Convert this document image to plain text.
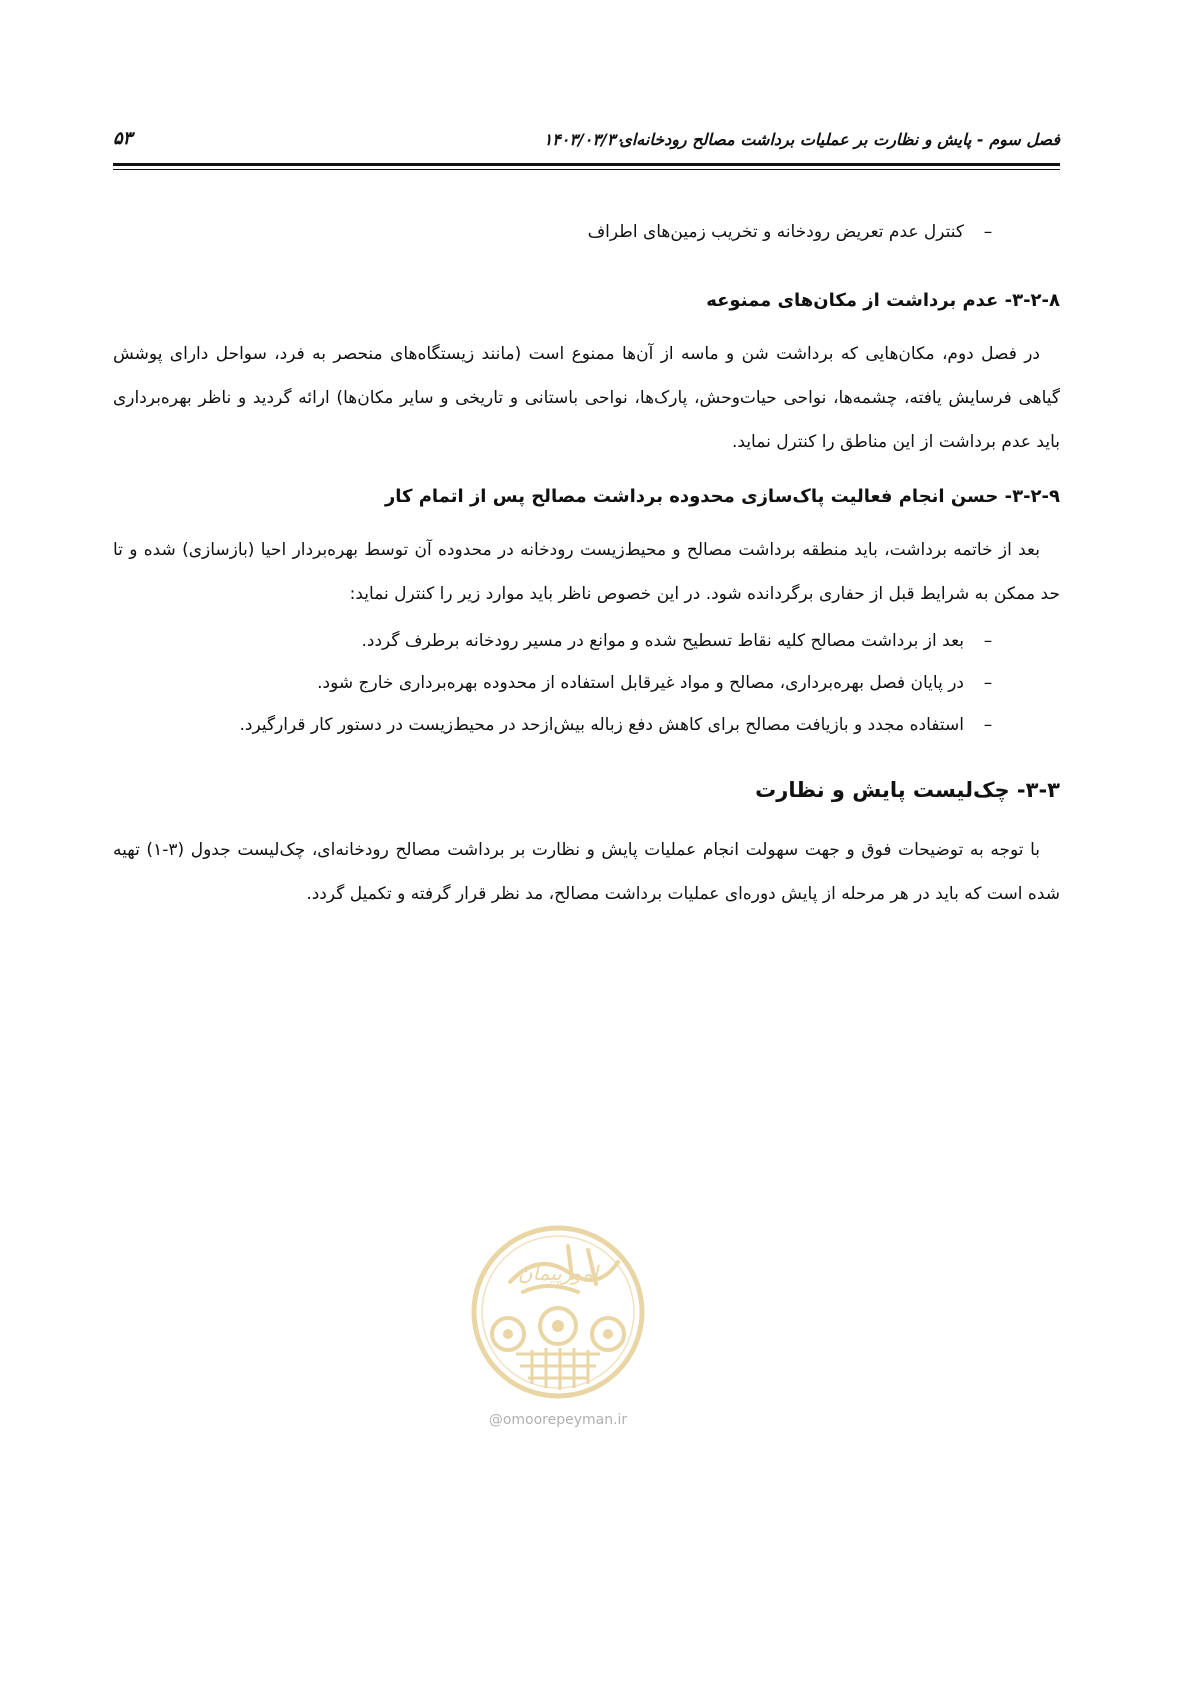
فصل سوم - پایش و نظارت بر عملیات برداشت مصالح رودخانه‌ای
۱۴۰۳/۰۳/۳۰
۵۳
–
کنترل عدم تعریض رودخانه و تخریب زمین‌های اطراف
۳-۲-۸- عدم برداشت از مکان‌های ممنوعه

در فصل دوم، مکان‌هایی که برداشت شن و ماسه از آن‌ها ممنوع است (مانند زیستگاه‌های منحصر به فرد، سواحل دارای پوشش گیاهی فرسایش یافته، چشمه‌ها، نواحی حیات‌وحش، پارک‌ها، نواحی باستانی و تاریخی و سایر مکان‌ها) ارائه گردید و ناظر بهره‌برداری باید عدم برداشت از این مناطق را کنترل نماید.

۳-۲-۹- حسن انجام فعالیت پاک‌سازی محدوده برداشت مصالح پس از اتمام کار

بعد از خاتمه برداشت، باید منطقه برداشت مصالح و محیط‌زیست رودخانه در محدوده آن توسط بهره‌بردار احیا (بازسازی) شده و تا حد ممکن به شرایط قبل از حفاری برگردانده شود. در این خصوص ناظر باید موارد زیر را کنترل نماید:

–
بعد از برداشت مصالح کلیه نقاط تسطیح شده و موانع در مسیر رودخانه برطرف گردد.
–
در پایان فصل بهره‌برداری، مصالح و مواد غیرقابل استفاده از محدوده بهره‌برداری خارج شود.
–
استفاده مجدد و بازیافت مصالح برای کاهش دفع زباله بیش‌ازحد در محیط‌زیست در دستور کار قرارگیرد.
۳-۳- چک‌لیست پایش و نظارت

با توجه به توضیحات فوق و جهت سهولت انجام عملیات پایش و نظارت بر برداشت مصالح رودخانه‌ای، چک‌لیست جدول (۳-۱) تهیه شده است که باید در هر مرحله از پایش دوره‌ای عملیات برداشت مصالح، مد نظر قرار گرفته و تکمیل گردد.

امورپیمان
@omoorepeyman.ir
